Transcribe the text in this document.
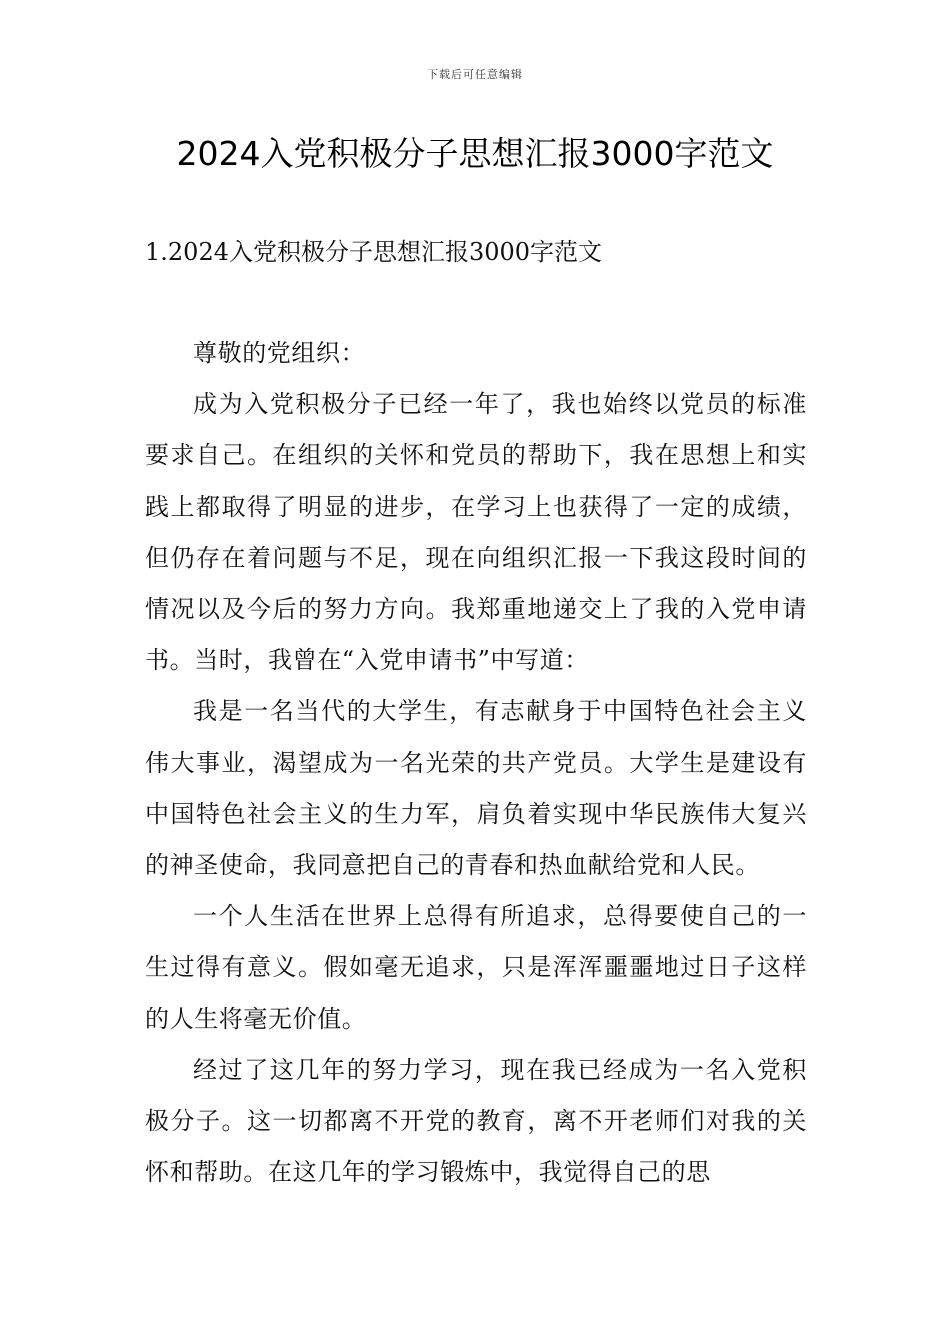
下载后可任意编辑
2024入党积极分子思想汇报3000字范文
1.2024入党积极分子思想汇报3000字范文

尊敬的党组织：

成为入党积极分子已经一年了，我也始终以党员的标准要求自己。在组织的关怀和党员的帮助下，我在思想上和实践上都取得了明显的进步，在学习上也获得了一定的成绩，但仍存在着问题与不足，现在向组织汇报一下我这段时间的情况以及今后的努力方向。我郑重地递交上了我的入党申请书。当时，我曾在“入党申请书”中写道：

我是一名当代的大学生，有志献身于中国特色社会主义伟大事业，渴望成为一名光荣的共产党员。大学生是建设有中国特色社会主义的生力军，肩负着实现中华民族伟大复兴的神圣使命，我同意把自己的青春和热血献给党和人民。

一个人生活在世界上总得有所追求，总得要使自己的一生过得有意义。假如毫无追求，只是浑浑噩噩地过日子这样的人生将毫无价值。

经过了这几年的努力学习，现在我已经成为一名入党积极分子。这一切都离不开党的教育，离不开老师们对我的关怀和帮助。在这几年的学习锻炼中，我觉得自己的思
